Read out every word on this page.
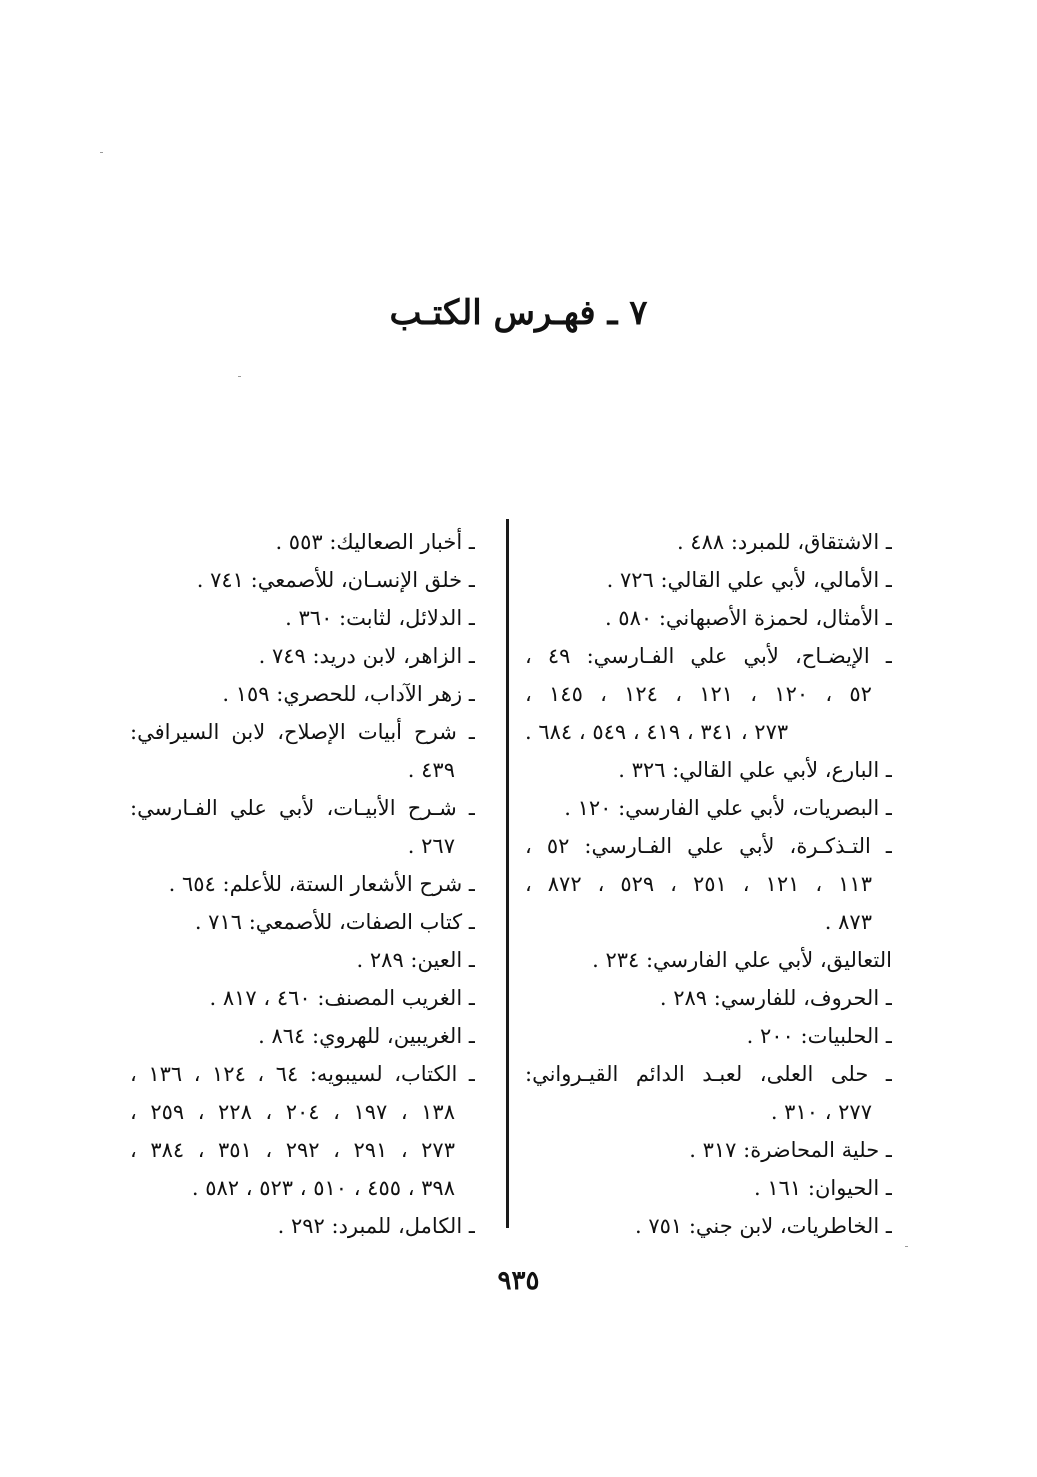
٧ ـ فهـرس الكتـب
ـ الاشتقاق، للمبرد: ٤٨٨ .
ـ الأمالي، لأبي علي القالي: ٧٢٦ .
ـ الأمثال، لحمزة الأصبهاني: ٥٨٠ .
ـ الإيضـاح، لأبي علي الفـارسي: ٤٩ ،
٥٢ ، ١٢٠ ، ١٢١ ، ١٢٤ ، ١٤٥ ،
٢٧٣ ، ٣٤١ ، ٤١٩ ، ٥٤٩ ، ٦٨٤ .
ـ البارع، لأبي علي القالي: ٣٢٦ .
ـ البصريات، لأبي علي الفارسي: ١٢٠ .
ـ التـذكـرة، لأبي علي الفـارسي: ٥٢ ،
١١٣ ، ١٢١ ، ٢٥١ ، ٥٢٩ ، ٨٧٢ ،
٨٧٣ .
التعاليق، لأبي علي الفارسي: ٢٣٤ .
ـ الحروف، للفارسي: ٢٨٩ .
ـ الحلبيات: ٢٠٠ .
ـ حلى العلى، لعبـد الدائم القيـرواني:
٢٧٧ ، ٣١٠ .
ـ حلية المحاضرة: ٣١٧ .
ـ الحيوان: ١٦١ .
ـ الخاطريات، لابن جني: ٧٥١ .
ـ أخبار الصعاليك: ٥٥٣ .
ـ خلق الإنسـان، للأصمعي: ٧٤١ .
ـ الدلائل، لثابت: ٣٦٠ .
ـ الزاهر، لابن دريد: ٧٤٩ .
ـ زهر الآداب، للحصري: ١٥٩ .
ـ شرح أبيات الإصلاح، لابن السيرافي:
٤٣٩ .
ـ شـرح الأبيـات، لأبي علي الفـارسي:
٢٦٧ .
ـ شرح الأشعار الستة، للأعلم: ٦٥٤ .
ـ كتاب الصفات، للأصمعي: ٧١٦ .
ـ العين: ٢٨٩ .
ـ الغريب المصنف: ٤٦٠ ، ٨١٧ .
ـ الغريبين، للهروي: ٨٦٤ .
ـ الكتاب، لسيبويه: ٦٤ ، ١٢٤ ، ١٣٦ ،
١٣٨ ، ١٩٧ ، ٢٠٤ ، ٢٢٨ ، ٢٥٩ ،
٢٧٣ ، ٢٩١ ، ٢٩٢ ، ٣٥١ ، ٣٨٤ ،
٣٩٨ ، ٤٥٥ ، ٥١٠ ، ٥٢٣ ، ٥٨٢ .
ـ الكامل، للمبرد: ٢٩٢ .
٩٣٥
